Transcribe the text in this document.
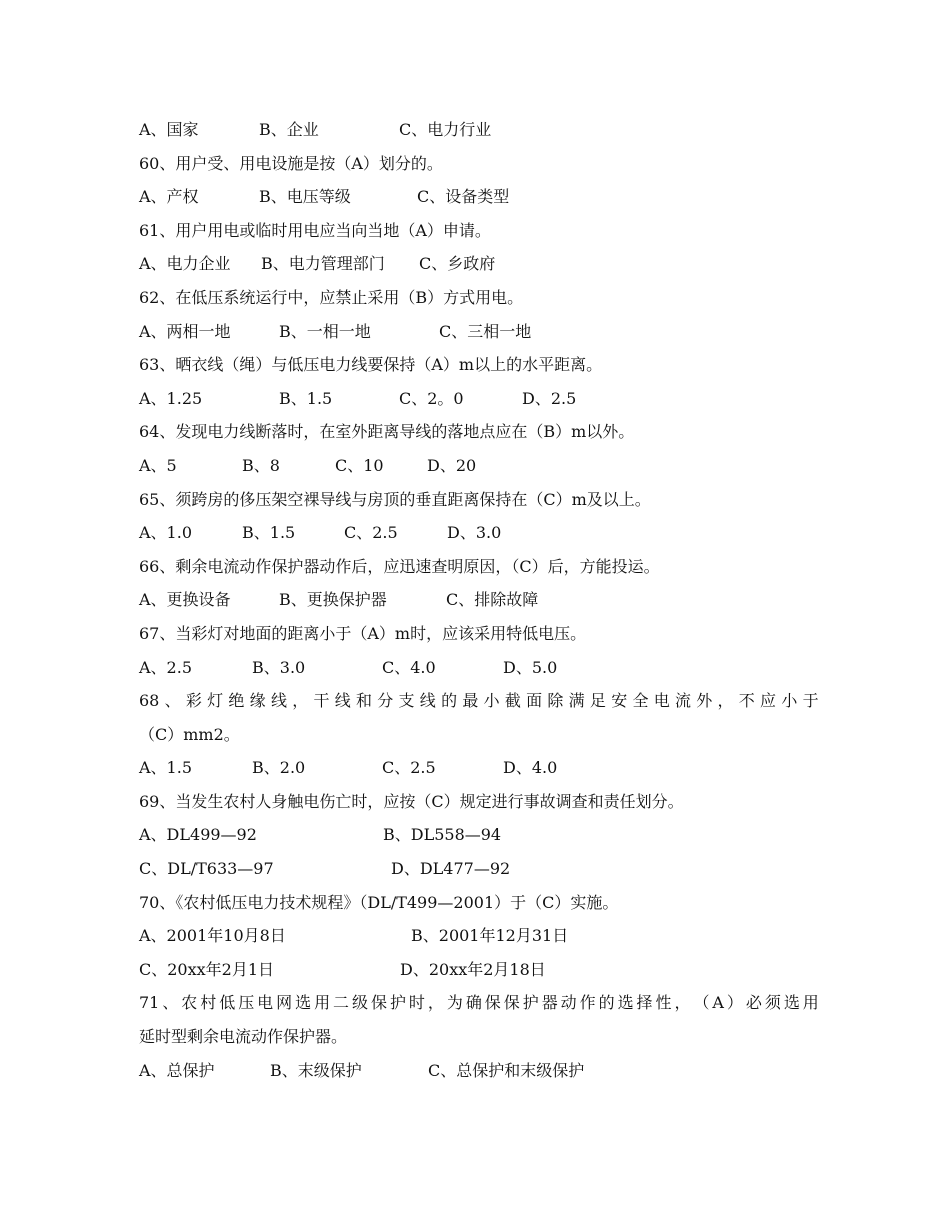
A、国家	B、企业	C、电力行业
60、用户受、用电设施是按（A）划分的。
A、产权	B、电压等级	C、设备类型
61、用户用电或临时用电应当向当地（A）申请。
A、电力企业 B、电力管理部门 C、乡政府
62、在低压系统运行中，应禁止采用（B）方式用电。
A、两相一地	B、一相一地	C、三相一地
63、晒衣线（绳）与低压电力线要保持（A）m以上的水平距离。
A、1.25	B、1.5	C、2。0	D、2.5
64、发现电力线断落时，在室外距离导线的落地点应在（B）m以外。
A、5	B、8	C、10	D、20
65、须跨房的侈压架空裸导线与房顶的垂直距离保持在（C）m及以上。
A、1.0	B、1.5	C、2.5	D、3.0
66、剩余电流动作保护器动作后，应迅速查明原因，（C）后，方能投运。
A、更换设备	B、更换保护器	C、排除故障
67、当彩灯对地面的距离小于（A）m时，应该采用特低电压。
A、2.5	B、3.0	C、4.0	D、5.0
68 、 彩 灯 绝 缘 线 ， 干 线 和 分 支 线 的 最 小 截 面 除 满 足 安 全 电 流 外 ， 不 应 小 于
（C）mm2。
A、1.5	B、2.0	C、2.5	D、4.0
69、当发生农村人身触电伤亡时，应按（C）规定进行事故调查和责任划分。
A、DL499—92	B、DL558—94
C、DL/T633—97	D、DL477—92
70、《农村低压电力技术规程》（DL/T499—2001）于（C）实施。
A、2001年10月8日	B、2001年12月31日
C、20xx年2月1日	D、20xx年2月18日
71 、 农 村 低 压 电 网 选 用 二 级 保 护 时 ， 为 确 保 保 护 器 动 作 的 选 择 性 ， （ A ） 必 须 选 用
延时型剩余电流动作保护器。
A、总保护	B、末级保护	C、总保护和末级保护
